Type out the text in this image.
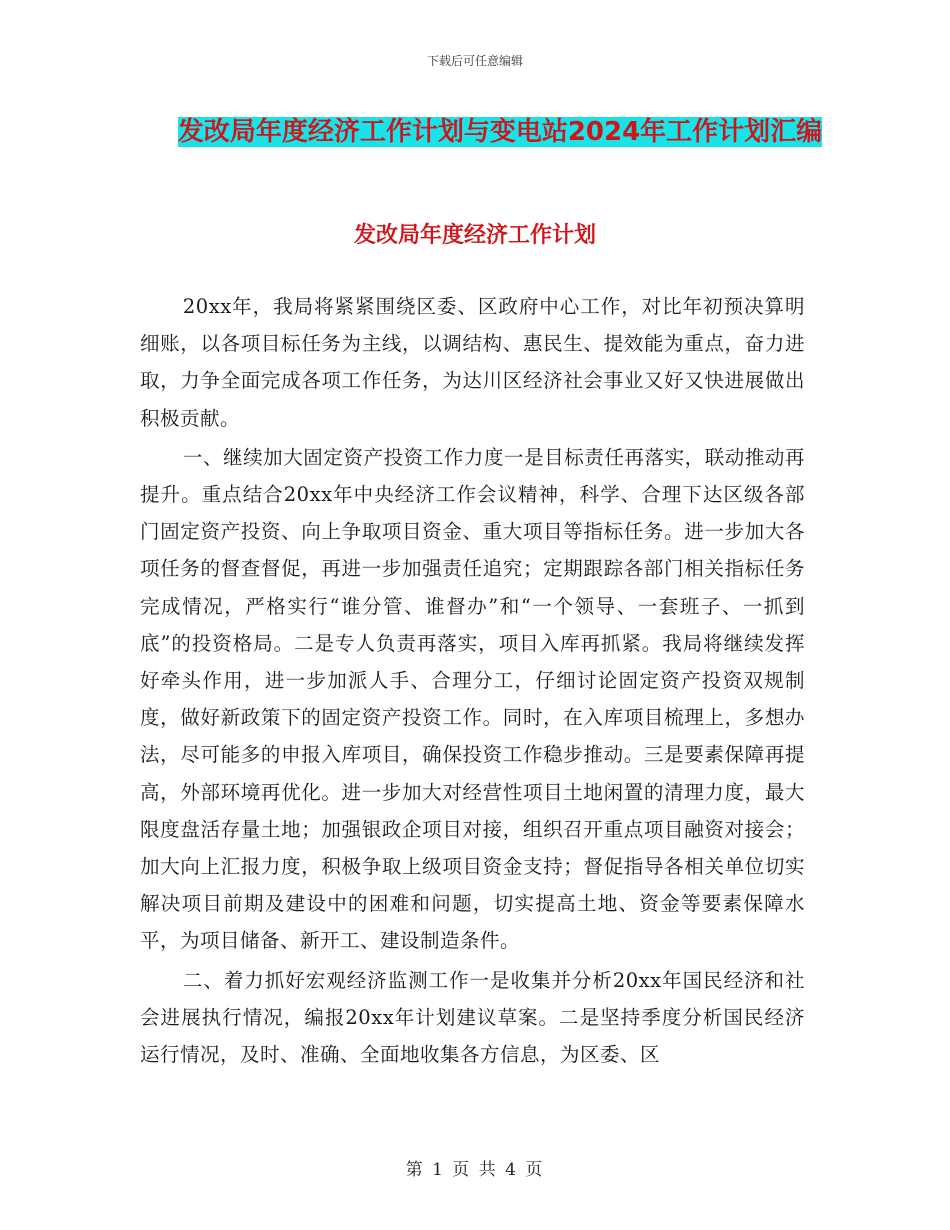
下载后可任意编辑
发改局年度经济工作计划与变电站2024年工作计划汇编
发改局年度经济工作计划

20xx年，我局将紧紧围绕区委、区政府中心工作，对比年初预决算明细账，以各项目标任务为主线，以调结构、惠民生、提效能为重点，奋力进取，力争全面完成各项工作任务，为达川区经济社会事业又好又快进展做出积极贡献。

一、继续加大固定资产投资工作力度一是目标责任再落实，联动推动再提升。重点结合20xx年中央经济工作会议精神，科学、合理下达区级各部门固定资产投资、向上争取项目资金、重大项目等指标任务。进一步加大各项任务的督查督促，再进一步加强责任追究；定期跟踪各部门相关指标任务完成情况，严格实行“谁分管、谁督办”和“一个领导、一套班子、一抓到底”的投资格局。二是专人负责再落实，项目入库再抓紧。我局将继续发挥好牵头作用，进一步加派人手、合理分工，仔细讨论固定资产投资双规制度，做好新政策下的固定资产投资工作。同时，在入库项目梳理上，多想办法，尽可能多的申报入库项目，确保投资工作稳步推动。三是要素保障再提高，外部环境再优化。进一步加大对经营性项目土地闲置的清理力度，最大限度盘活存量土地；加强银政企项目对接，组织召开重点项目融资对接会；加大向上汇报力度，积极争取上级项目资金支持；督促指导各相关单位切实解决项目前期及建设中的困难和问题，切实提高土地、资金等要素保障水平，为项目储备、新开工、建设制造条件。

二、着力抓好宏观经济监测工作一是收集并分析20xx年国民经济和社会进展执行情况，编报20xx年计划建议草案。二是坚持季度分析国民经济运行情况，及时、准确、全面地收集各方信息，为区委、区

第 1 页 共 4 页
